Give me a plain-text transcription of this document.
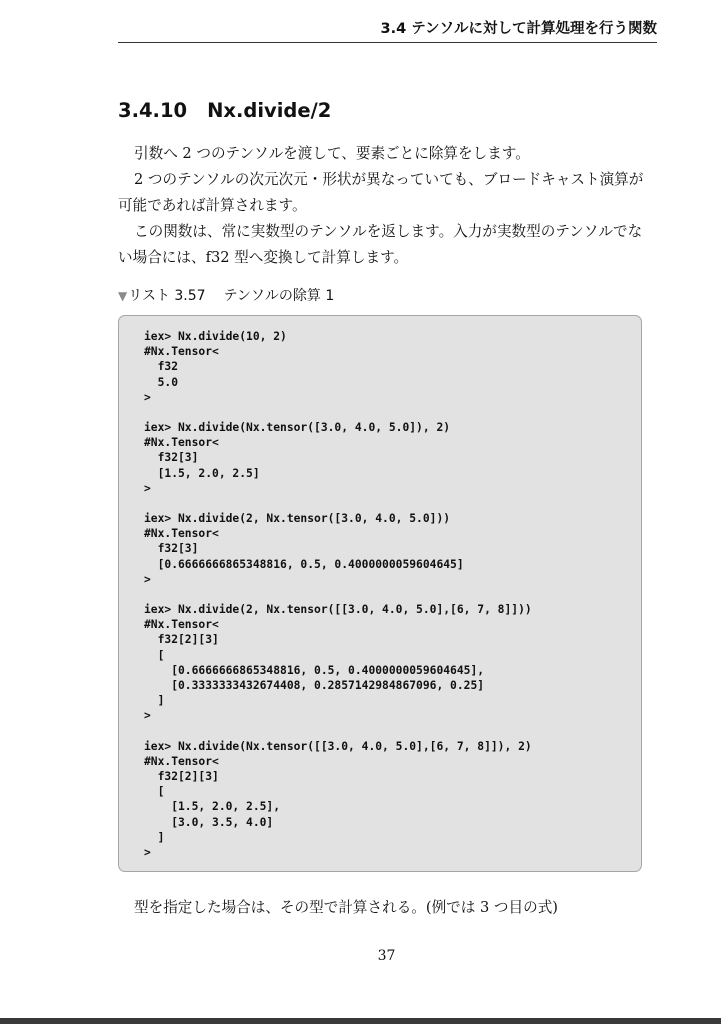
3.4 テンソルに対して計算処理を行う関数
3.4.10 Nx.divide/2

引数へ 2 つのテンソルを渡して、要素ごとに除算をします。

2 つのテンソルの次元次元・形状が異なっていても、ブロードキャスト演算が可能であれば計算されます。

この関数は、常に実数型のテンソルを返します。入力が実数型のテンソルでない場合には、f32 型へ変換して計算します。

▼リスト 3.57 テンソルの除算 1
iex> Nx.divide(10, 2)
#Nx.Tensor<
f32
5.0
>

iex> Nx.divide(Nx.tensor([3.0, 4.0, 5.0]), 2)
#Nx.Tensor<
f32[3]
[1.5, 2.0, 2.5]
>

iex> Nx.divide(2, Nx.tensor([3.0, 4.0, 5.0]))
#Nx.Tensor<
f32[3]
[0.6666666865348816, 0.5, 0.4000000059604645]
>

iex> Nx.divide(2, Nx.tensor([[3.0, 4.0, 5.0],[6, 7, 8]]))
#Nx.Tensor<
f32[2][3]
[
[0.6666666865348816, 0.5, 0.4000000059604645],
[0.3333333432674408, 0.2857142984867096, 0.25]
]
>

iex> Nx.divide(Nx.tensor([[3.0, 4.0, 5.0],[6, 7, 8]]), 2)
#Nx.Tensor<
f32[2][3]
[
[1.5, 2.0, 2.5],
[3.0, 3.5, 4.0]
]
>

型を指定した場合は、その型で計算される。(例では 3 つ目の式)

37
